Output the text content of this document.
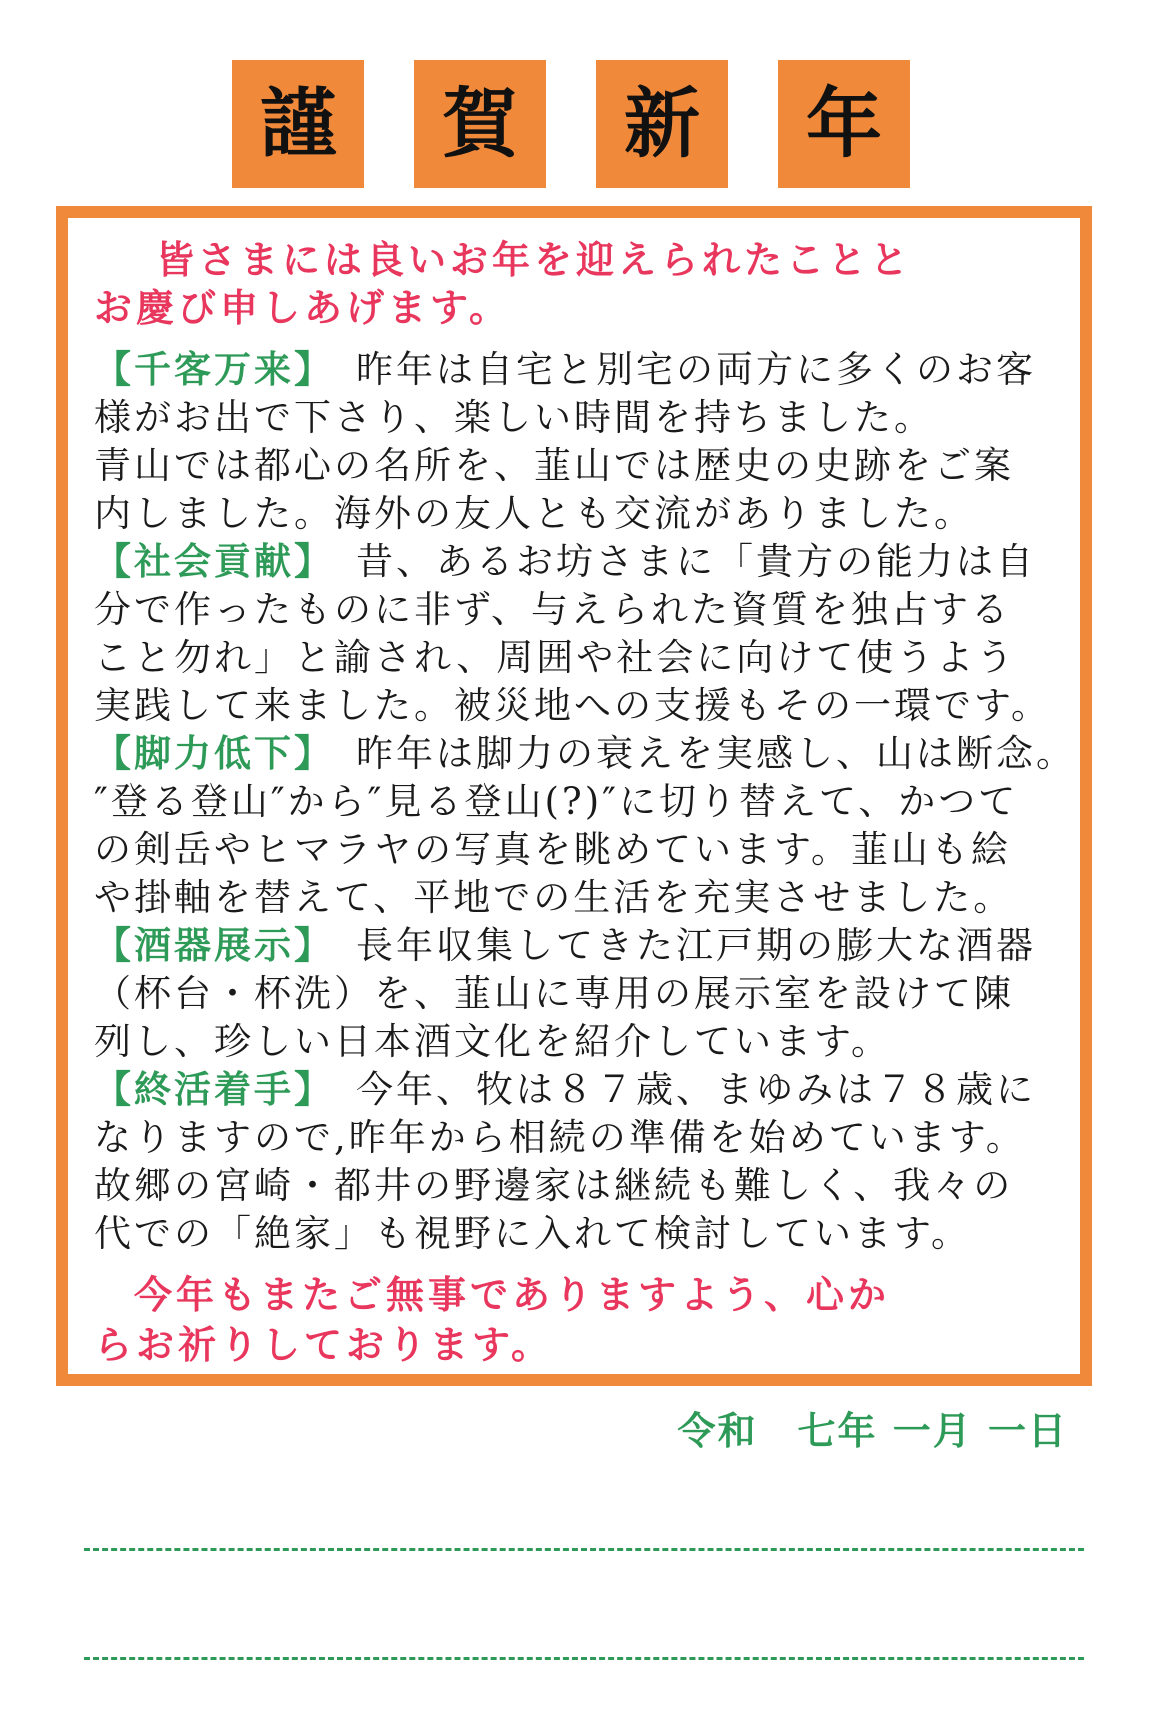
謹	賀	新	年
皆さまには良いお年を迎えられたことと
お慶び申しあげます。
【千客万来】 昨年は自宅と別宅の両方に多くのお客
様がお出で下さり、楽しい時間を持ちました。
青山では都心の名所を、韮山では歴史の史跡をご案
内しました。海外の友人とも交流がありました。
【社会貢献】 昔、あるお坊さまに「貴方の能力は自
分で作ったものに非ず、与えられた資質を独占する
こと勿れ」と諭され、周囲や社会に向けて使うよう
実践して来ました。被災地への支援もその一環です。
【脚力低下】 昨年は脚力の衰えを実感し、山は断念。
″登る登山″から″見る登山(?)″に切り替えて、かつて
の剣岳やヒマラヤの写真を眺めています。韮山も絵
や掛軸を替えて、平地での生活を充実させました。
【酒器展示】 長年収集してきた江戸期の膨大な酒器
（杯台・杯洗）を、韮山に専用の展示室を設けて陳
列し、珍しい日本酒文化を紹介しています。
【終活着手】 今年、牧は８７歳、まゆみは７８歳に
なりますので,昨年から相続の準備を始めています。
故郷の宮崎・都井の野邊家は継続も難しく、我々の
代での「絶家」も視野に入れて検討しています。
今年もまたご無事でありますよう、心か
らお祈りしております。
令和　七年 一月 一日
